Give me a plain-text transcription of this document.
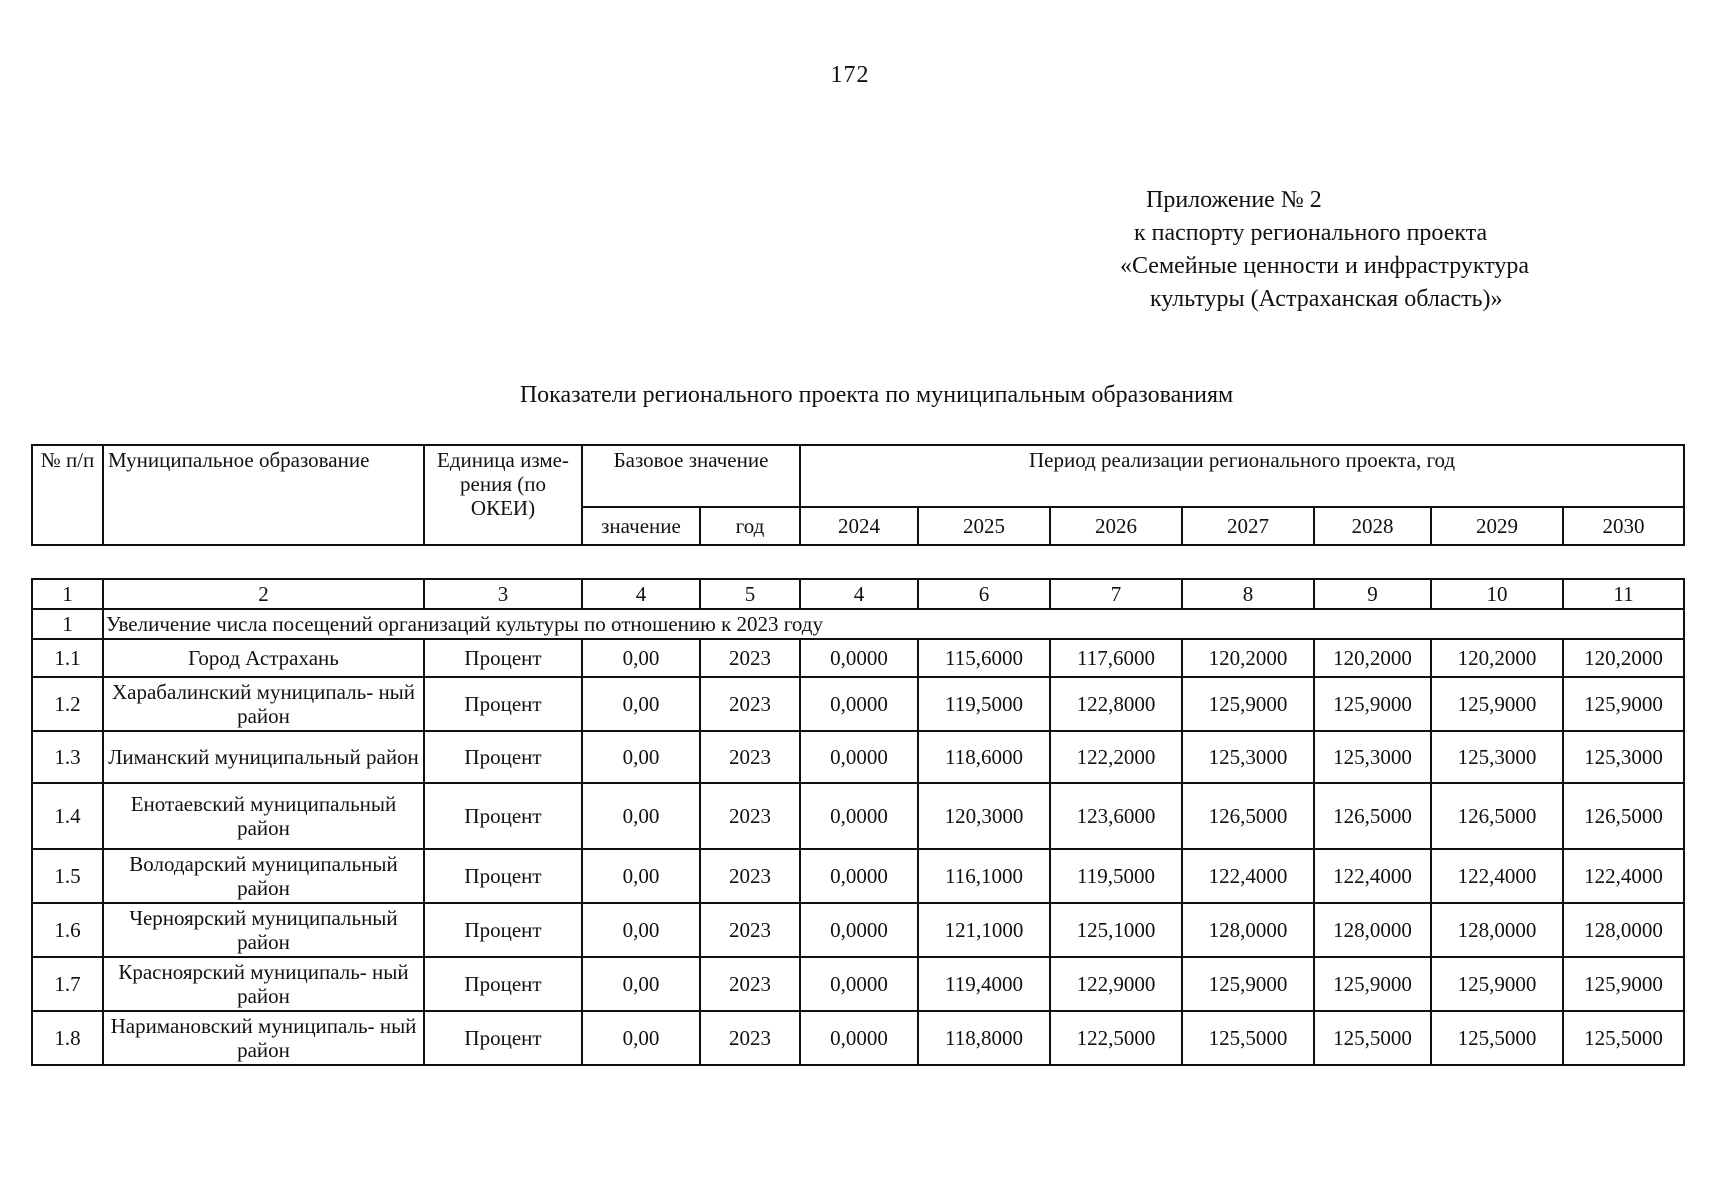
172
Приложение № 2
к паспорту регионального проекта
«Семейные ценности и инфраструктура
культуры (Астраханская область)»
Показатели регионального проекта по муниципальным образованиям
№ п/п	Муниципальное образование	Единица изме- рения (по ОКЕИ)	Базовое значение		Период реализации регионального проекта, год						
			значение	год	2024	2025	2026	2027	2028	2029	2030
1	2	3	4	5	4	6	7	8	9	10	11
1	Увеличение числа посещений организаций культуры по отношению к 2023 году										
1.1	Город Астрахань	Процент	0,00	2023	0,0000	115,6000	117,6000	120,2000	120,2000	120,2000	120,2000
1.2	Харабалинский муниципаль- ный район	Процент	0,00	2023	0,0000	119,5000	122,8000	125,9000	125,9000	125,9000	125,9000
1.3	Лиманский муниципальный район	Процент	0,00	2023	0,0000	118,6000	122,2000	125,3000	125,3000	125,3000	125,3000
1.4	Енотаевский муниципальный район	Процент	0,00	2023	0,0000	120,3000	123,6000	126,5000	126,5000	126,5000	126,5000
1.5	Володарский муниципальный район	Процент	0,00	2023	0,0000	116,1000	119,5000	122,4000	122,4000	122,4000	122,4000
1.6	Черноярский муниципальный район	Процент	0,00	2023	0,0000	121,1000	125,1000	128,0000	128,0000	128,0000	128,0000
1.7	Красноярский муниципаль- ный район	Процент	0,00	2023	0,0000	119,4000	122,9000	125,9000	125,9000	125,9000	125,9000
1.8	Наримановский муниципаль- ный район	Процент	0,00	2023	0,0000	118,8000	122,5000	125,5000	125,5000	125,5000	125,5000
